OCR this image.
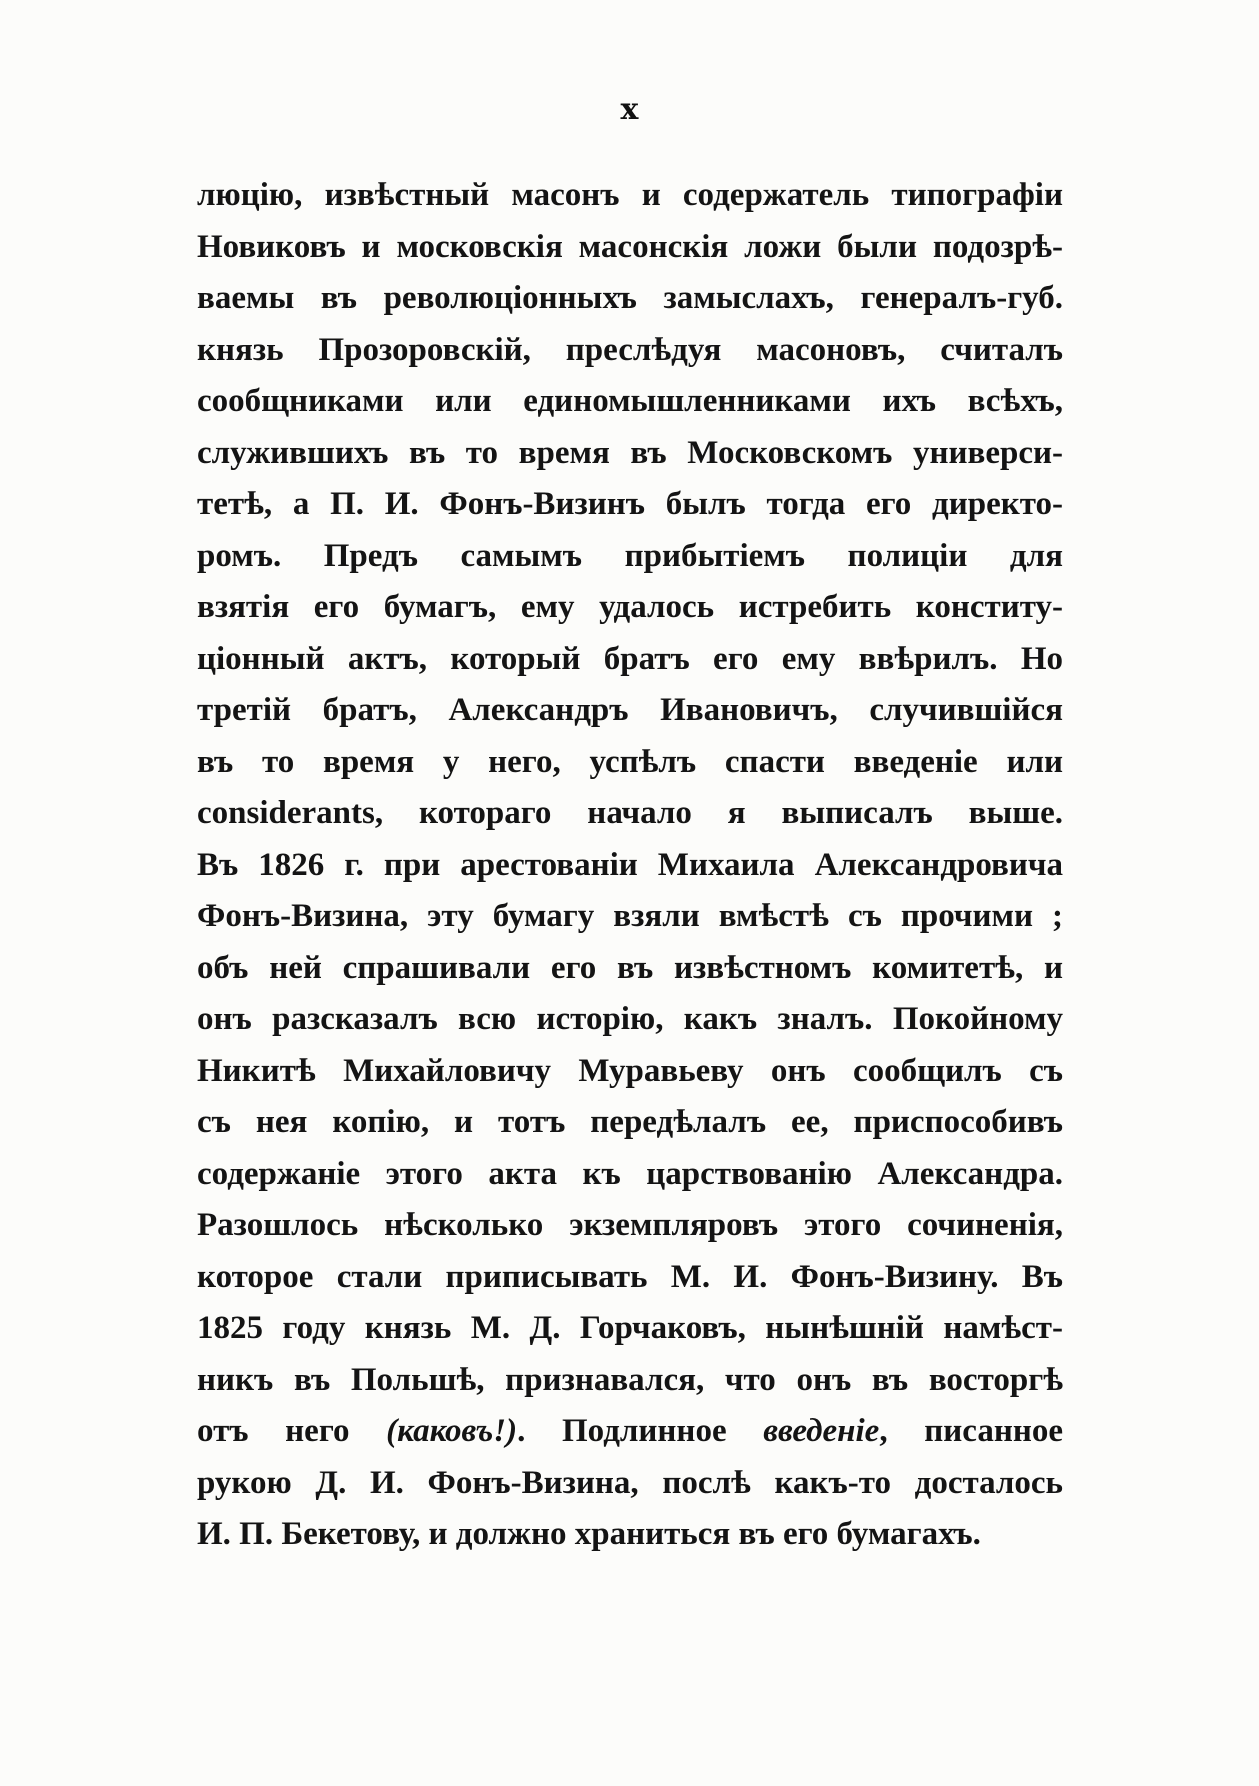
x

люцію, извѣстный масонъ и содержатель типографіи
Новиковъ и московскія масонскія ложи были подозрѣ-
ваемы въ революціонныхъ замыслахъ, генералъ-губ.
князь Прозоровскій, преслѣдуя масоновъ, считалъ
сообщниками или единомышленниками ихъ всѣхъ,
служившихъ въ то время въ Московскомъ универси-
тетѣ, а П. И. Фонъ-Визинъ былъ тогда его директо-
ромъ. Предъ самымъ прибытіемъ полиціи для
взятія его бумагъ, ему удалось истребить конститу-
ціонный актъ, который братъ его ему ввѣрилъ. Но
третій братъ, Александръ Ивановичъ, случившійся
въ то время у него, успѣлъ спасти введеніе или
considerants, котораго начало я выписалъ выше.
Въ 1826 г. при арестованіи Михаила Александровича
Фонъ-Визина, эту бумагу взяли вмѣстѣ съ прочими ;
объ ней спрашивали его въ извѣстномъ комитетѣ, и
онъ разсказалъ всю исторію, какъ зналъ. Покойному
Никитѣ Михайловичу Муравьеву онъ сообщилъ съ
съ нея копію, и тотъ передѣлалъ ее, приспособивъ
содержаніе этого акта къ царствованію Александра.
Разошлось нѣсколько экземпляровъ этого сочиненія,
которое стали приписывать М. И. Фонъ-Визину. Въ
1825 году князь М. Д. Горчаковъ, нынѣшній намѣст-
никъ въ Польшѣ, признавался, что онъ въ восторгѣ
отъ него (каковъ!). Подлинное введеніе, писанное
рукою Д. И. Фонъ-Визина, послѣ какъ-то досталось
И. П. Бекетову, и должно храниться въ его бумагахъ.
